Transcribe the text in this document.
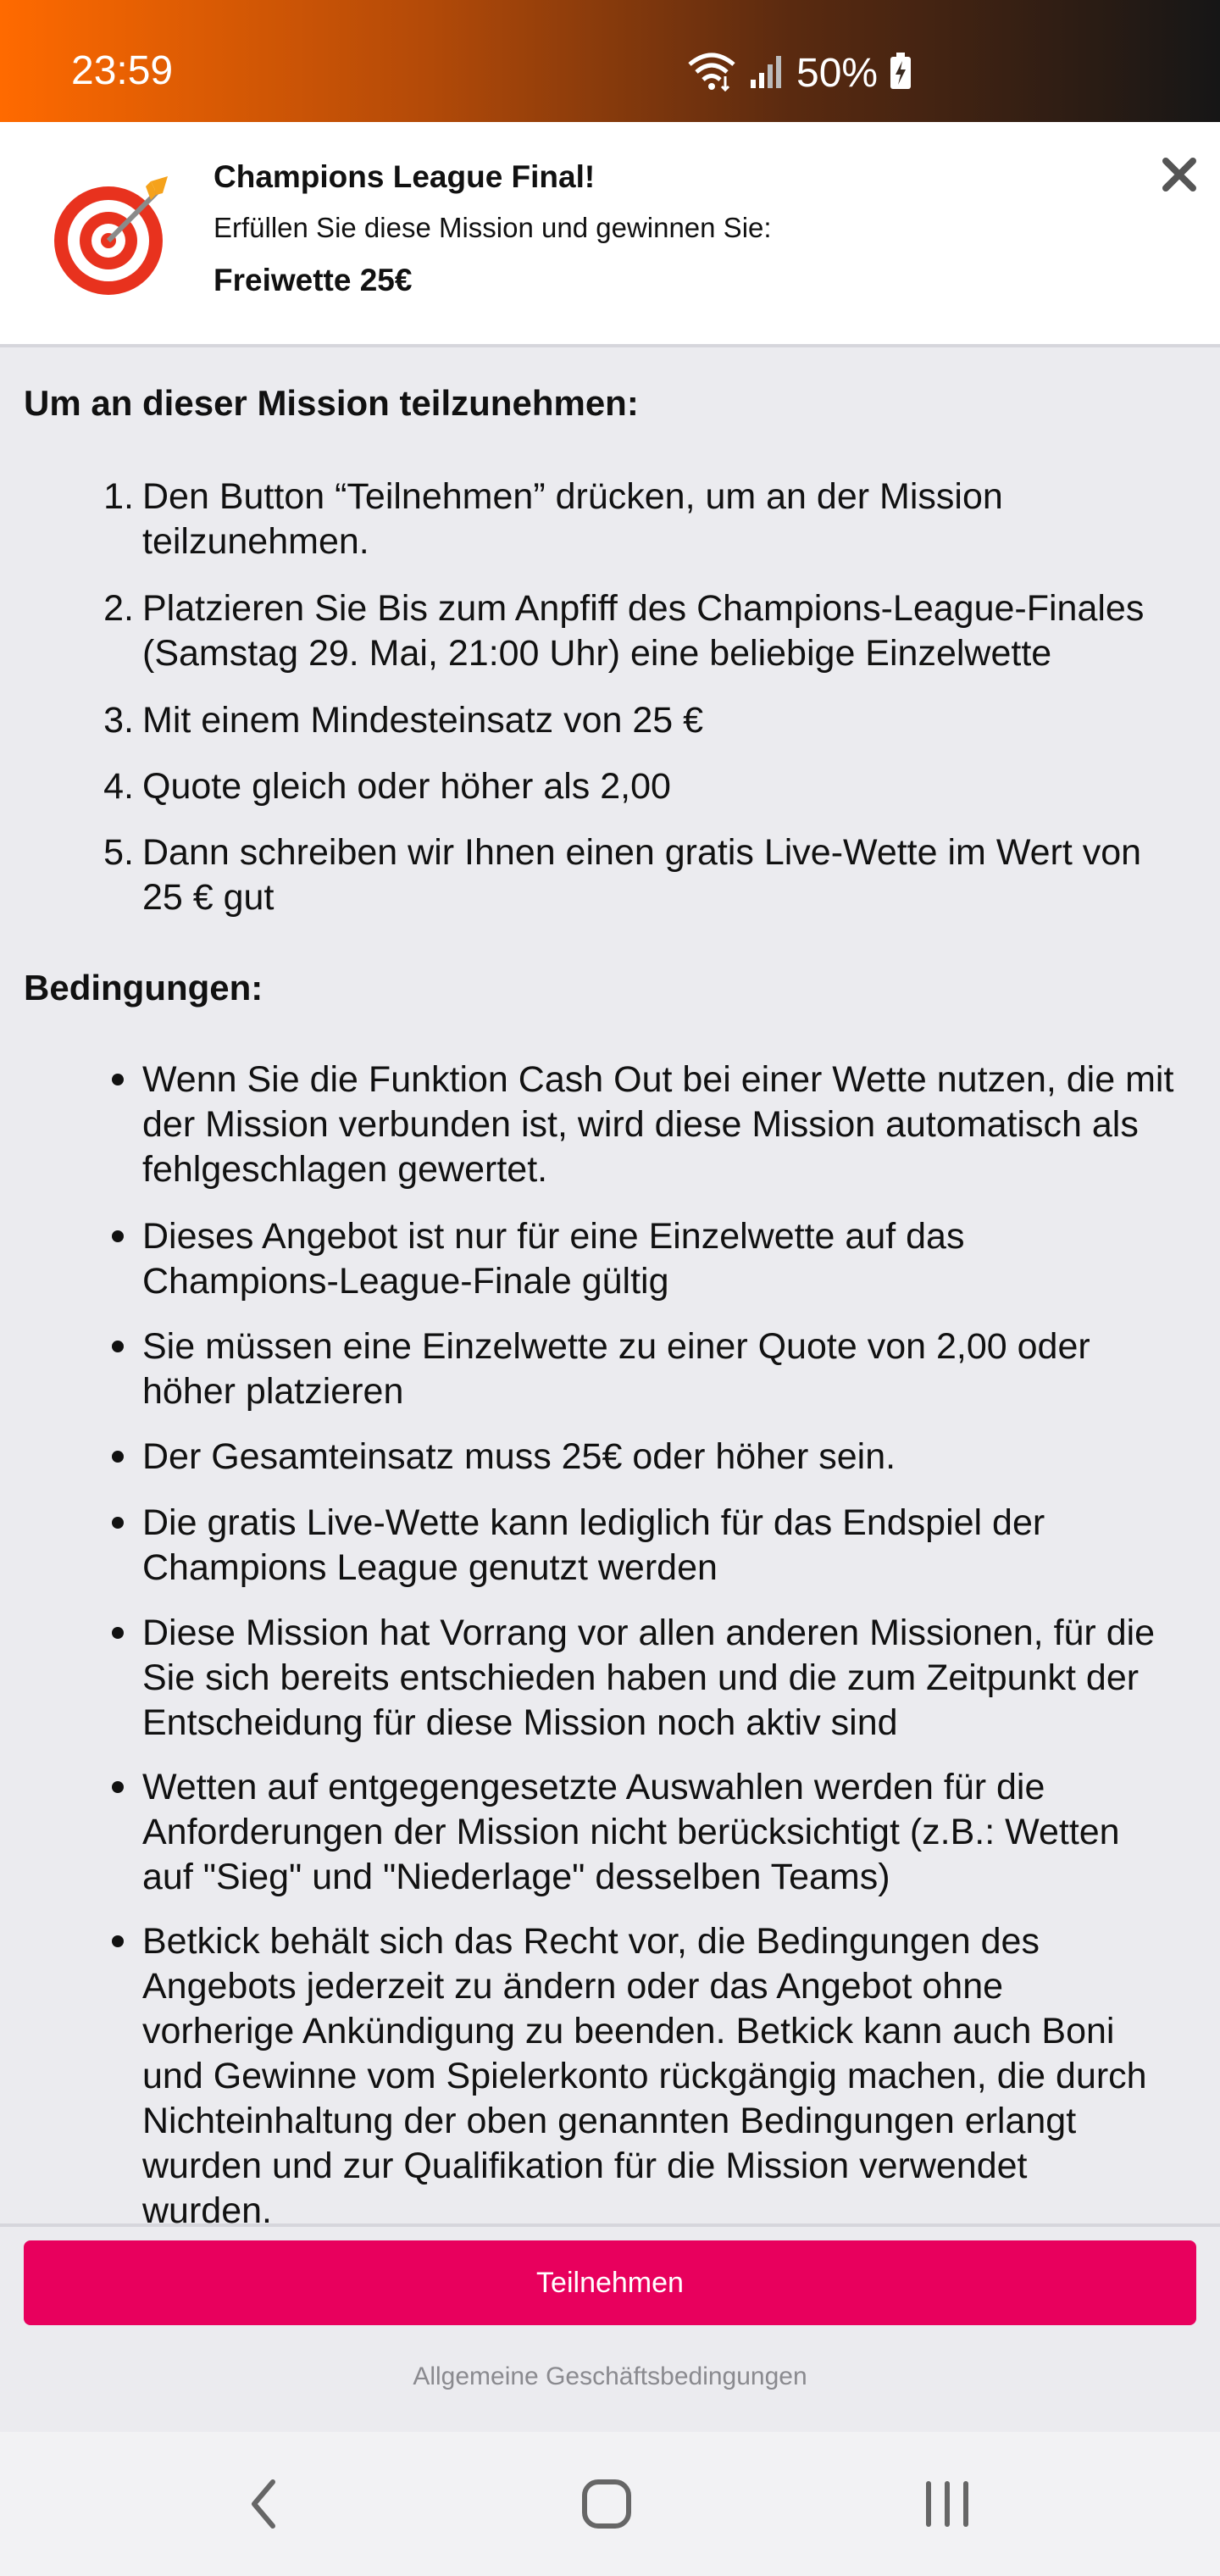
23:59	50%
Champions League Final!
Erfüllen Sie diese Mission und gewinnen Sie:
Freiwette 25€
Um an dieser Mission teilzunehmen:
1. Den Button “Teilnehmen” drücken, um an der Mission
teilzunehmen.
2. Platzieren Sie Bis zum Anpfiff des Champions-League-Finales
(Samstag 29. Mai, 21:00 Uhr) eine beliebige Einzelwette
3. Mit einem Mindesteinsatz von 25 €
4. Quote gleich oder höher als 2,00
5. Dann schreiben wir Ihnen einen gratis Live-Wette im Wert von
25 € gut
Bedingungen:
Wenn Sie die Funktion Cash Out bei einer Wette nutzen, die mit
der Mission verbunden ist, wird diese Mission automatisch als
fehlgeschlagen gewertet.
Dieses Angebot ist nur für eine Einzelwette auf das
Champions-League-Finale gültig
Sie müssen eine Einzelwette zu einer Quote von 2,00 oder
höher platzieren
Der Gesamteinsatz muss 25€ oder höher sein.
Die gratis Live-Wette kann lediglich für das Endspiel der
Champions League genutzt werden
Diese Mission hat Vorrang vor allen anderen Missionen, für die
Sie sich bereits entschieden haben und die zum Zeitpunkt der
Entscheidung für diese Mission noch aktiv sind
Wetten auf entgegengesetzte Auswahlen werden für die
Anforderungen der Mission nicht berücksichtigt (z.B.: Wetten
auf "Sieg" und "Niederlage" desselben Teams)
Betkick behält sich das Recht vor, die Bedingungen des
Angebots jederzeit zu ändern oder das Angebot ohne
vorherige Ankündigung zu beenden. Betkick kann auch Boni
und Gewinne vom Spielerkonto rückgängig machen, die durch
Nichteinhaltung der oben genannten Bedingungen erlangt
wurden und zur Qualifikation für die Mission verwendet
wurden.
Teilnehmen
Allgemeine Geschäftsbedingungen
